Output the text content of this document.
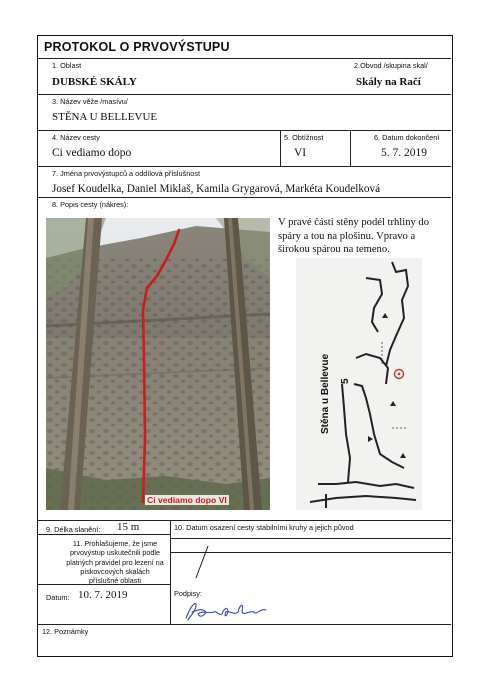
PROTOKOL O PRVOVÝSTUPU
1. Oblast
DUBSKÉ SKÁLY
2.Obvod /skupina skal/
Skály na Račí
3. Název věže /masívu/
STĚNA U BELLEVUE
4. Název cesty
Ci vediamo dopo
5. Obtížnost
VI
6. Datum dokončení
5. 7. 2019
7. Jména prvovýstupců a oddílová příslušnost
Josef Koudelka, Daniel Miklaš, Kamila Grygarová, Markéta Koudelková
8. Popis cesty (nákres):
V pravé části stěny podél trhliny do
spáry a tou na plošinu. Vpravo a
širokou spárou na temeno.
Ci vediamo dopo VI
Stěna u Bellevue 5
9. Délka slanění: 15 m	10. Datum osazení cesty stabilními kruhy a jejich původ
11. Prohlašujeme, že jsme
prvovýstup uskutečnili podle
platných pravidel pro lezení na
pískovcových skalách
příslušné oblasti
Datum: 10. 7. 2019	Podpisy:
12. Poznámky
